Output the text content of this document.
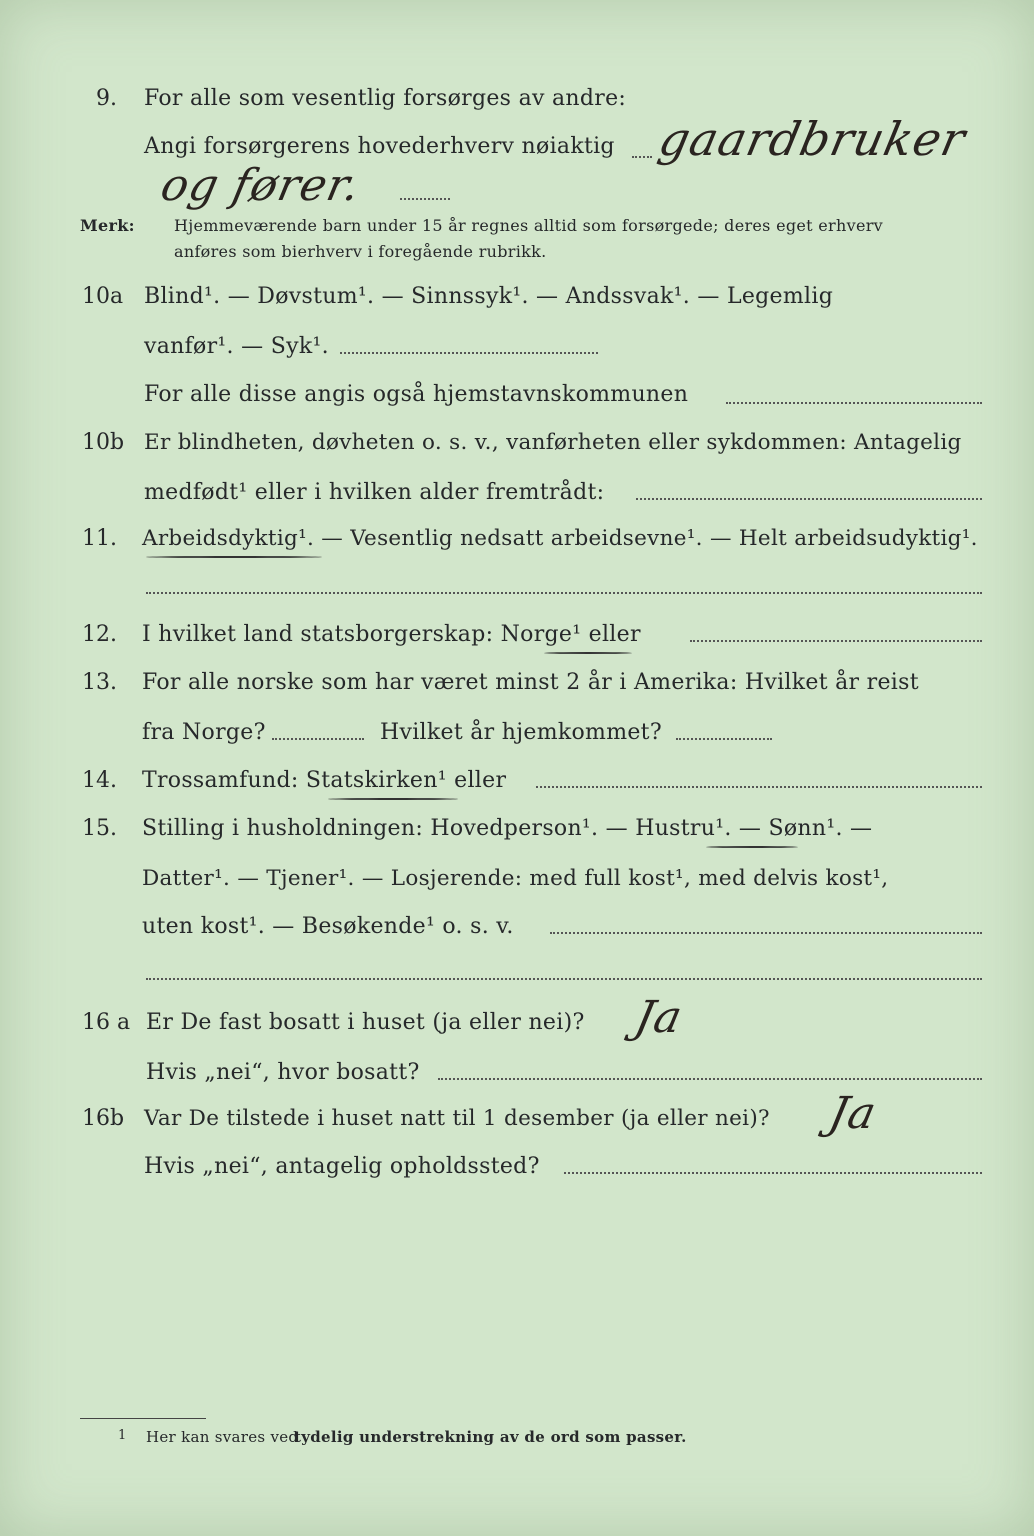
9. For alle som vesentlig forsørges av andre:
Angi forsørgerens hovederhverv nøiaktig gaardbruker
og fører.
Merk: Hjemmeværende barn under 15 år regnes alltid som forsørgede; deres eget erhverv
anføres som bierhverv i foregående rubrikk.
10a Blind¹. — Døvstum¹. — Sinnssyk¹. — Andssvak¹. — Legemlig
vanfør¹. — Syk¹.
For alle disse angis også hjemstavnskommunen
10b Er blindheten, døvheten o. s. v., vanførheten eller sykdommen: Antagelig
medfødt¹ eller i hvilken alder fremtrådt:
11. Arbeidsdyktig¹. — Vesentlig nedsatt arbeidsevne¹. — Helt arbeidsudyktig¹.
12. I hvilket land statsborgerskap: Norge¹ eller
13. For alle norske som har været minst 2 år i Amerika: Hvilket år reist
fra Norge?	Hvilket år hjemkommet?
14. Trossamfund: Statskirken¹ eller
15. Stilling i husholdningen: Hovedperson¹. — Hustru¹. — Sønn¹. —
Datter¹. — Tjener¹. — Losjerende: med full kost¹, med delvis kost¹,
uten kost¹. — Besøkende¹ o. s. v.
16 a Er De fast bosatt i huset (ja eller nei)? Ja
Hvis „nei“, hvor bosatt?
16b Var De tilstede i huset natt til 1 desember (ja eller nei)? Ja
Hvis „nei“, antagelig opholdssted?
1 Her kan svares ved
tydelig understrekning av de ord som passer.
